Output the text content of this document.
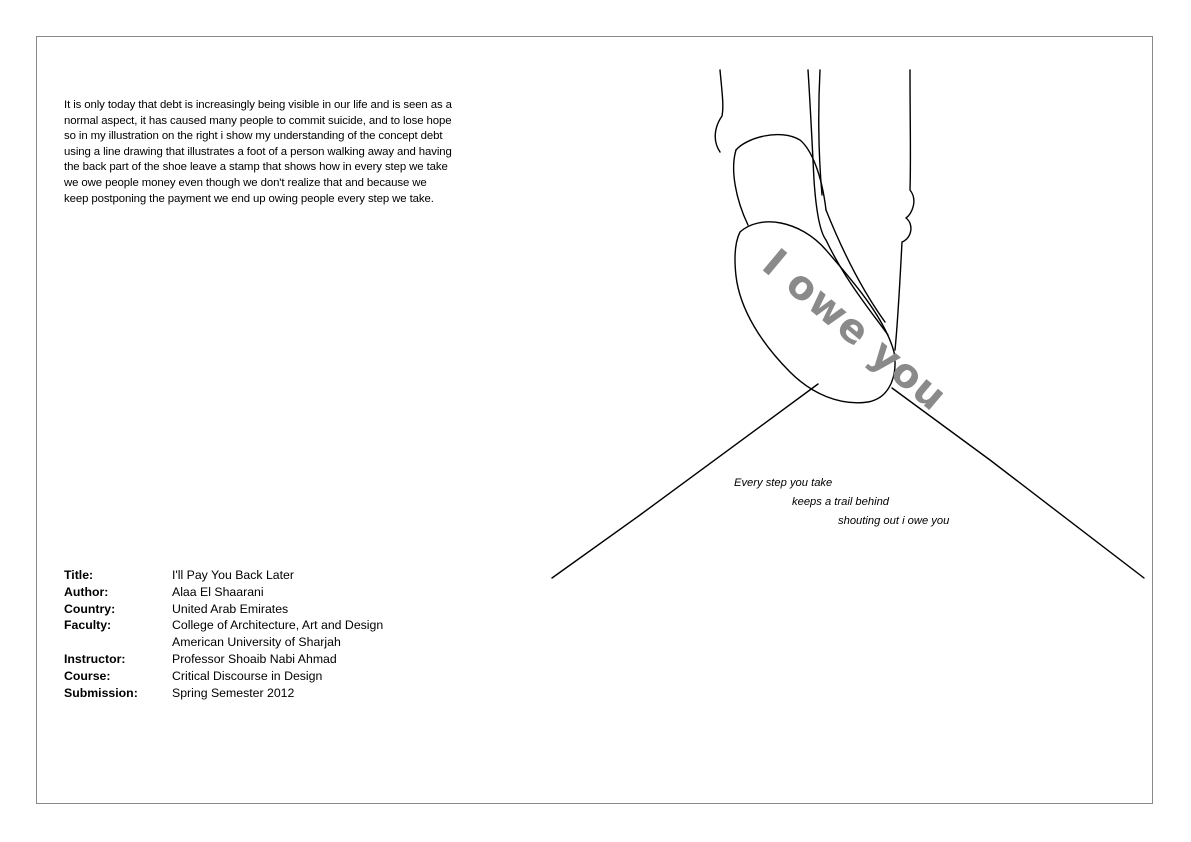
It is only today that debt is increasingly being visible in our life and is seen as a
normal aspect, it has caused many people to commit suicide, and to lose hope
so in my illustration on the right i show my understanding of the concept debt
using a line drawing that illustrates a foot of a person walking away and having
the back part of the shoe leave a stamp that shows how in every step we take
we owe people money even though we don't realize that and because we
keep postponing the payment we end up owing people every step we take.
I owe you
Every step you take
keeps a trail behind
shouting out i owe you
Title:	I'll Pay You Back Later
Author:	Alaa El Shaarani
Country:	United Arab Emirates
Faculty:	College of Architecture, Art and Design
American University of Sharjah
Instructor:	Professor Shoaib Nabi Ahmad
Course:	Critical Discourse in Design
Submission:	Spring Semester 2012
